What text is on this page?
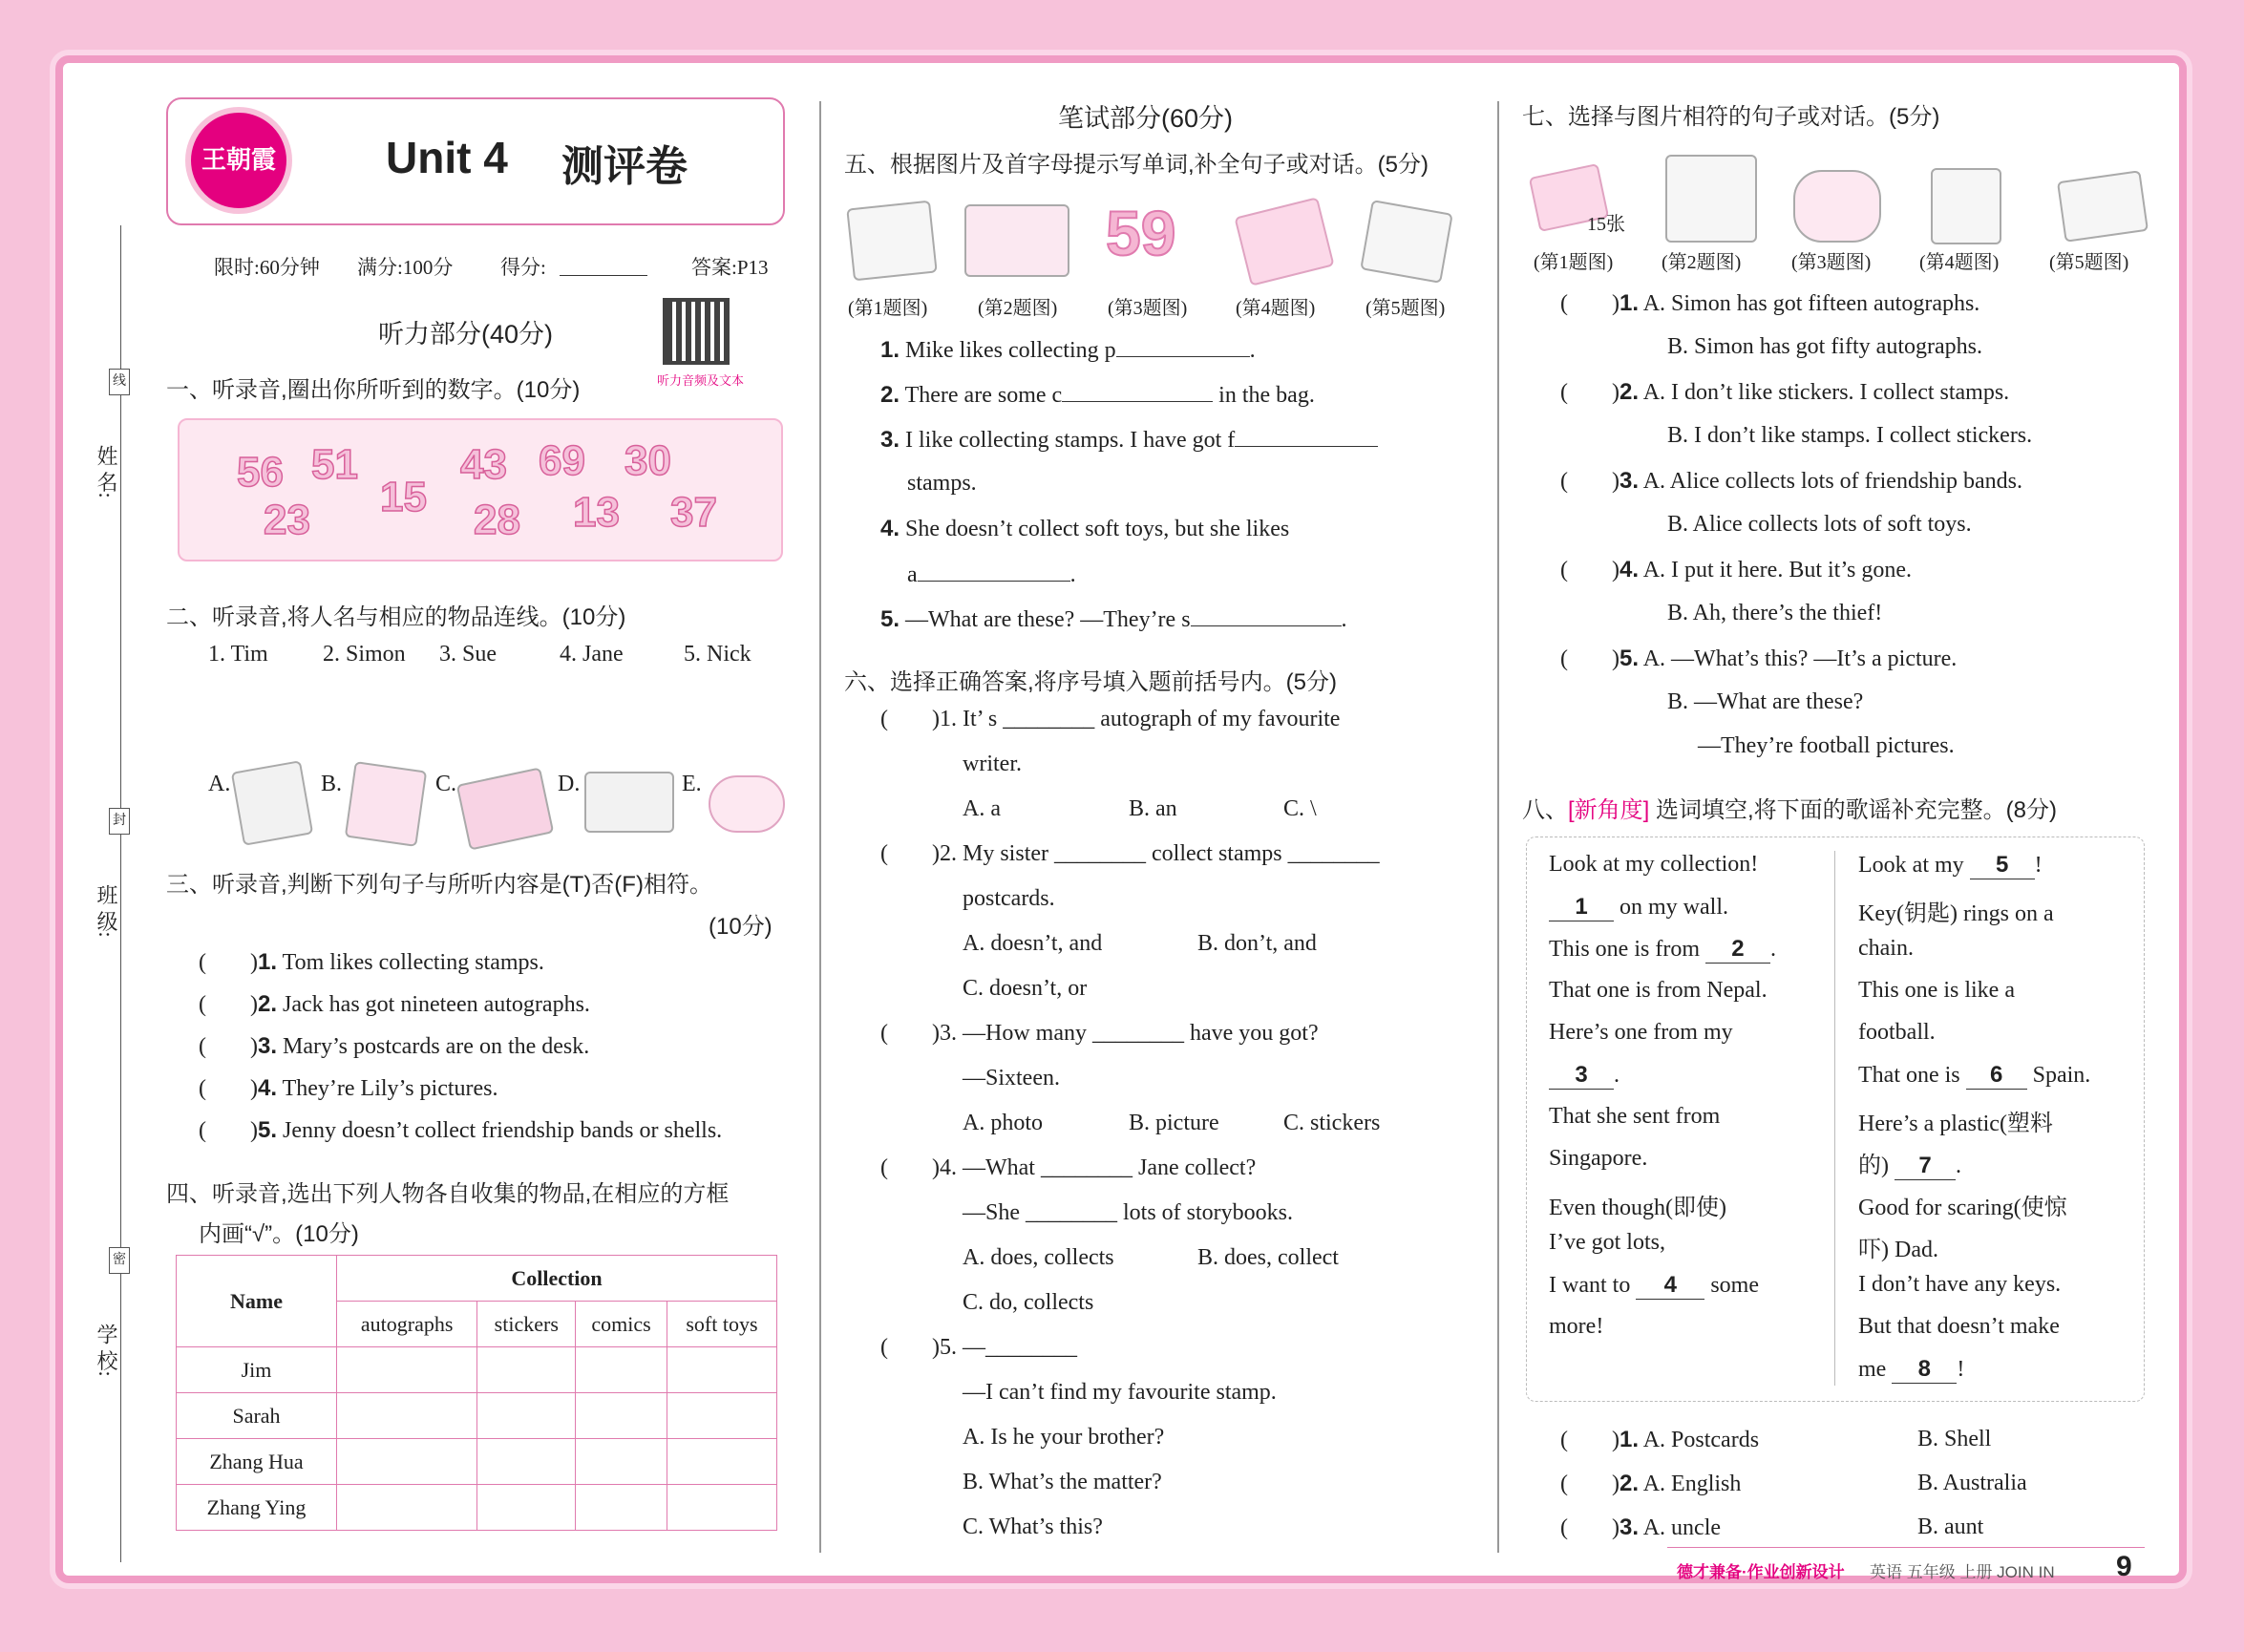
线
封
密
姓 名:
班 级:
学 校:
王朝霞	Unit 4 测评卷
限时:60分钟 满分:100分 得分:	答案:P13
听力部分(40分)
听力音频及文本
一、听录音,圈出你所听到的数字。(10分)
56 51
15
43 69 30
23	28 13 37
二、听录音,将人名与相应的物品连线。(10分)
1. Tim 2. Simon 3. Sue	4. Jane	5. Nick
A.	B.	C.	D.	E.
三、听录音,判断下列句子与所听内容是(T)否(F)相符。
(10分)
( )1. Tom likes collecting stamps.
( )2. Jack has got nineteen autographs.
( )3. Mary’s postcards are on the desk.
( )4. They’re Lily’s pictures.
( )5. Jenny doesn’t collect friendship bands or shells.
四、听录音,选出下列人物各自收集的物品,在相应的方框
内画“√”。(10分)
Name	Collection			
	autographs	stickers	comics	soft toys
Jim				
Sarah				
Zhang Hua				
Zhang Ying				
笔试部分(60分)
五、根据图片及首字母提示写单词,补全句子或对话。(5分)
59
(第1题图)	(第2题图)	(第3题图)	(第4题图)	(第5题图)
1. Mike likes collecting p	.
2. There are some c	in the bag.
3. I like collecting stamps. I have got f
stamps.
4. She doesn’t collect soft toys, but she likes
a	.
5. —What are these? —They’re s	.
六、选择正确答案,将序号填入题前括号内。(5分)
( )1. It’ s ________ autograph of my favourite
writer.
A. a	B. an	C. \
( )2. My sister ________ collect stamps ________
postcards.
A. doesn’t, and	B. don’t, and
C. doesn’t, or
( )3. —How many ________ have you got?
—Sixteen.
A. photo	B. picture	C. stickers
( )4. —What ________ Jane collect?
—She ________ lots of storybooks.
A. does, collects	B. does, collect
C. do, collects
( )5. —________
—I can’t find my favourite stamp.
A. Is he your brother?
B. What’s the matter?
C. What’s this?
七、选择与图片相符的句子或对话。(5分)
15张
(第1题图)	(第2题图)	(第3题图)	(第4题图)	(第5题图)
( )1. A. Simon has got fifteen autographs.
B. Simon has got fifty autographs.
( )2. A. I don’t like stickers. I collect stamps.
B. I don’t like stamps. I collect stickers.
( )3. A. Alice collects lots of friendship bands.
B. Alice collects lots of soft toys.
( )4. A. I put it here. But it’s gone.
B. Ah, there’s the thief!
( )5. A. —What’s this? —It’s a picture.
B. —What are these?
—They’re football pictures.
八、[新角度] 选词填空,将下面的歌谣补充完整。(8分)
Look at my collection!
1 on my wall.
This one is from 2 .
That one is from Nepal.
Here’s one from my
3 .
That she sent from
Singapore.
Even though(即使)
I’ve got lots,
I want to 4 some
more!
Look at my 5 !
Key(钥匙) rings on a
chain.
This one is like a
football.
That one is 6 Spain.
Here’s a plastic(塑料
的) 7 .
Good for scaring(使惊
吓) Dad.
I don’t have any keys.
But that doesn’t make
me 8 !
( )1. A. Postcards	B. Shell
( )2. A. English	B. Australia
( )3. A. uncle	B. aunt
德才兼备·作业创新设计 英语 五年级 上册 JOIN IN 9
